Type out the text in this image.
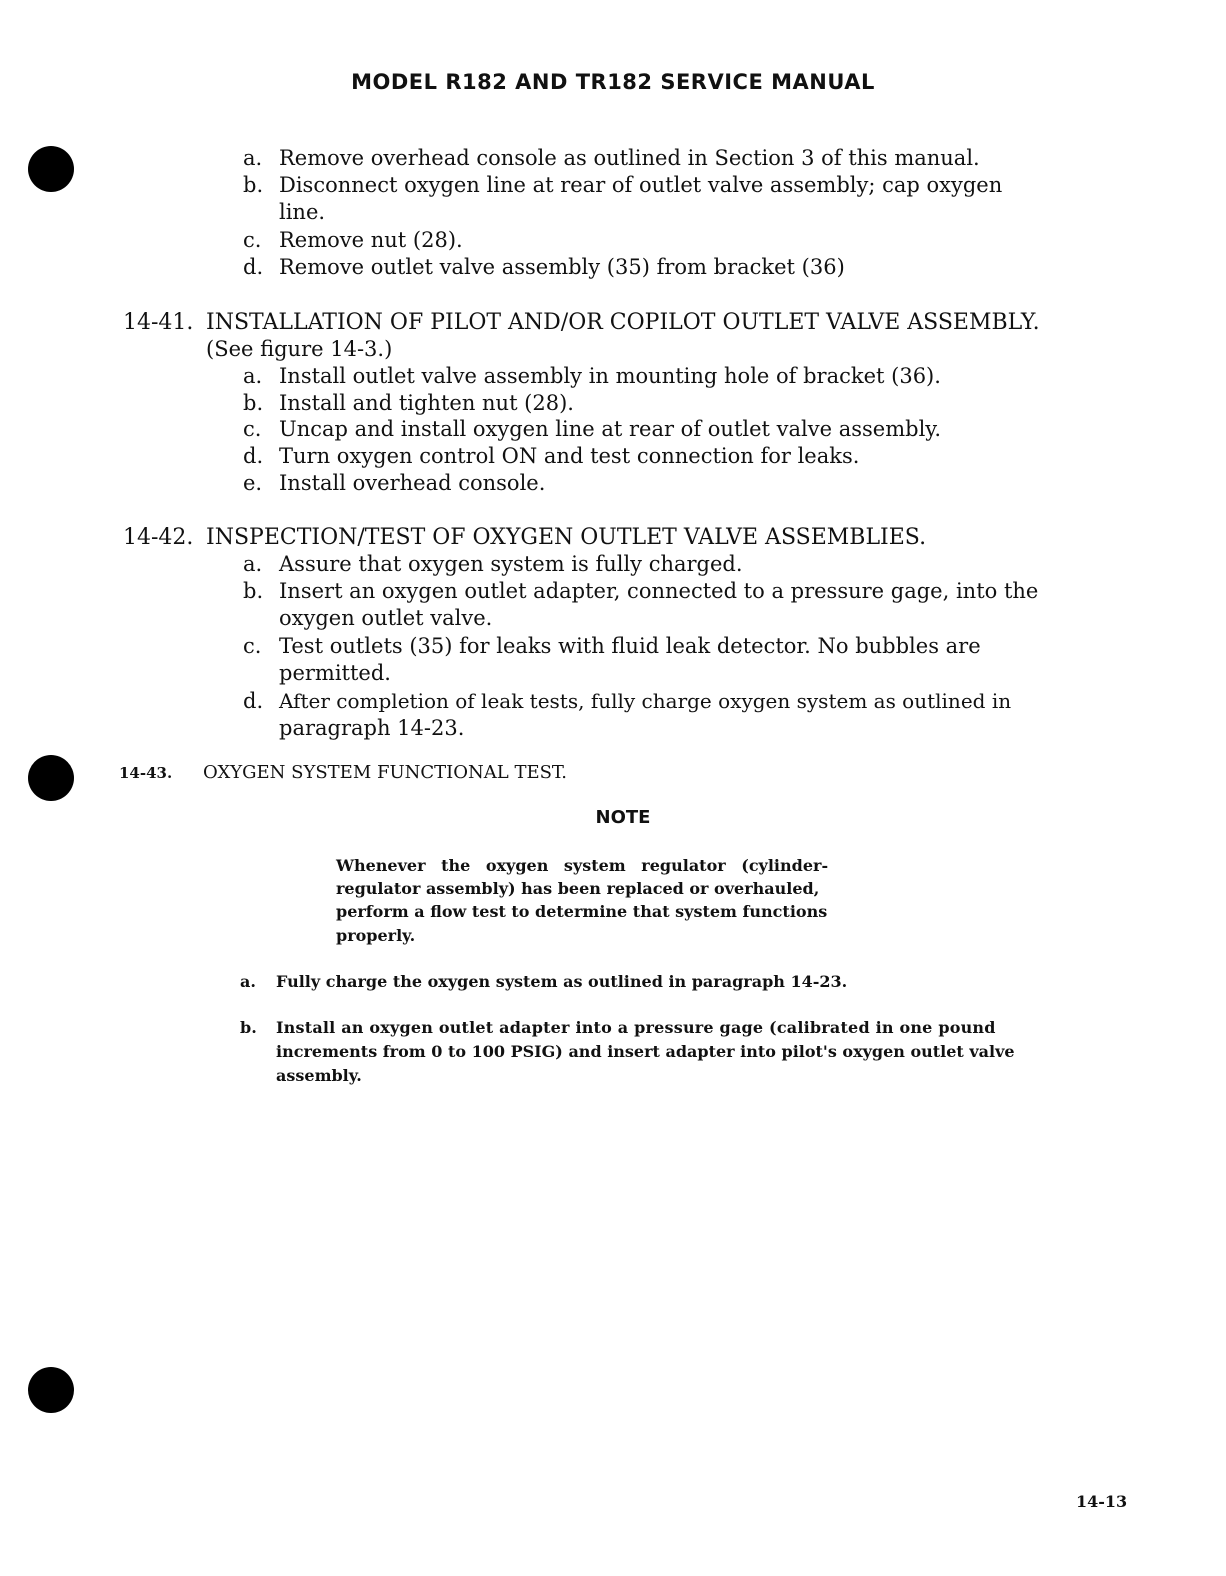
MODEL R182 AND TR182 SERVICE MANUAL
a. Remove overhead console as outlined in Section 3 of this manual.
b. Disconnect oxygen line at rear of outlet valve assembly; cap oxygen
line.
c. Remove nut (28).
d. Remove outlet valve assembly (35) from bracket (36)
14-41. INSTALLATION OF PILOT AND/OR COPILOT OUTLET VALVE ASSEMBLY.
(See figure 14-3.)
a. Install outlet valve assembly in mounting hole of bracket (36).
b. Install and tighten nut (28).
c. Uncap and install oxygen line at rear of outlet valve assembly.
d. Turn oxygen control ON and test connection for leaks.
e. Install overhead console.
14-42. INSPECTION/TEST OF OXYGEN OUTLET VALVE ASSEMBLIES.
a. Assure that oxygen system is fully charged.
b. Insert an oxygen outlet adapter, connected to a pressure gage, into the
oxygen outlet valve.
c. Test outlets (35) for leaks with fluid leak detector. No bubbles are
permitted.
d. After completion of leak tests, fully charge oxygen system as outlined in
paragraph 14-23.
14-43. OXYGEN SYSTEM FUNCTIONAL TEST.
NOTE
Whenever the oxygen system regulator (cylinder-
regulator assembly) has been replaced or overhauled,
perform a flow test to determine that system functions
properly.
a. Fully charge the oxygen system as outlined in paragraph 14-23.
b. Install an oxygen outlet adapter into a pressure gage (calibrated in one pound
increments from 0 to 100 PSIG) and insert adapter into pilot's oxygen outlet valve
assembly.
14-13
